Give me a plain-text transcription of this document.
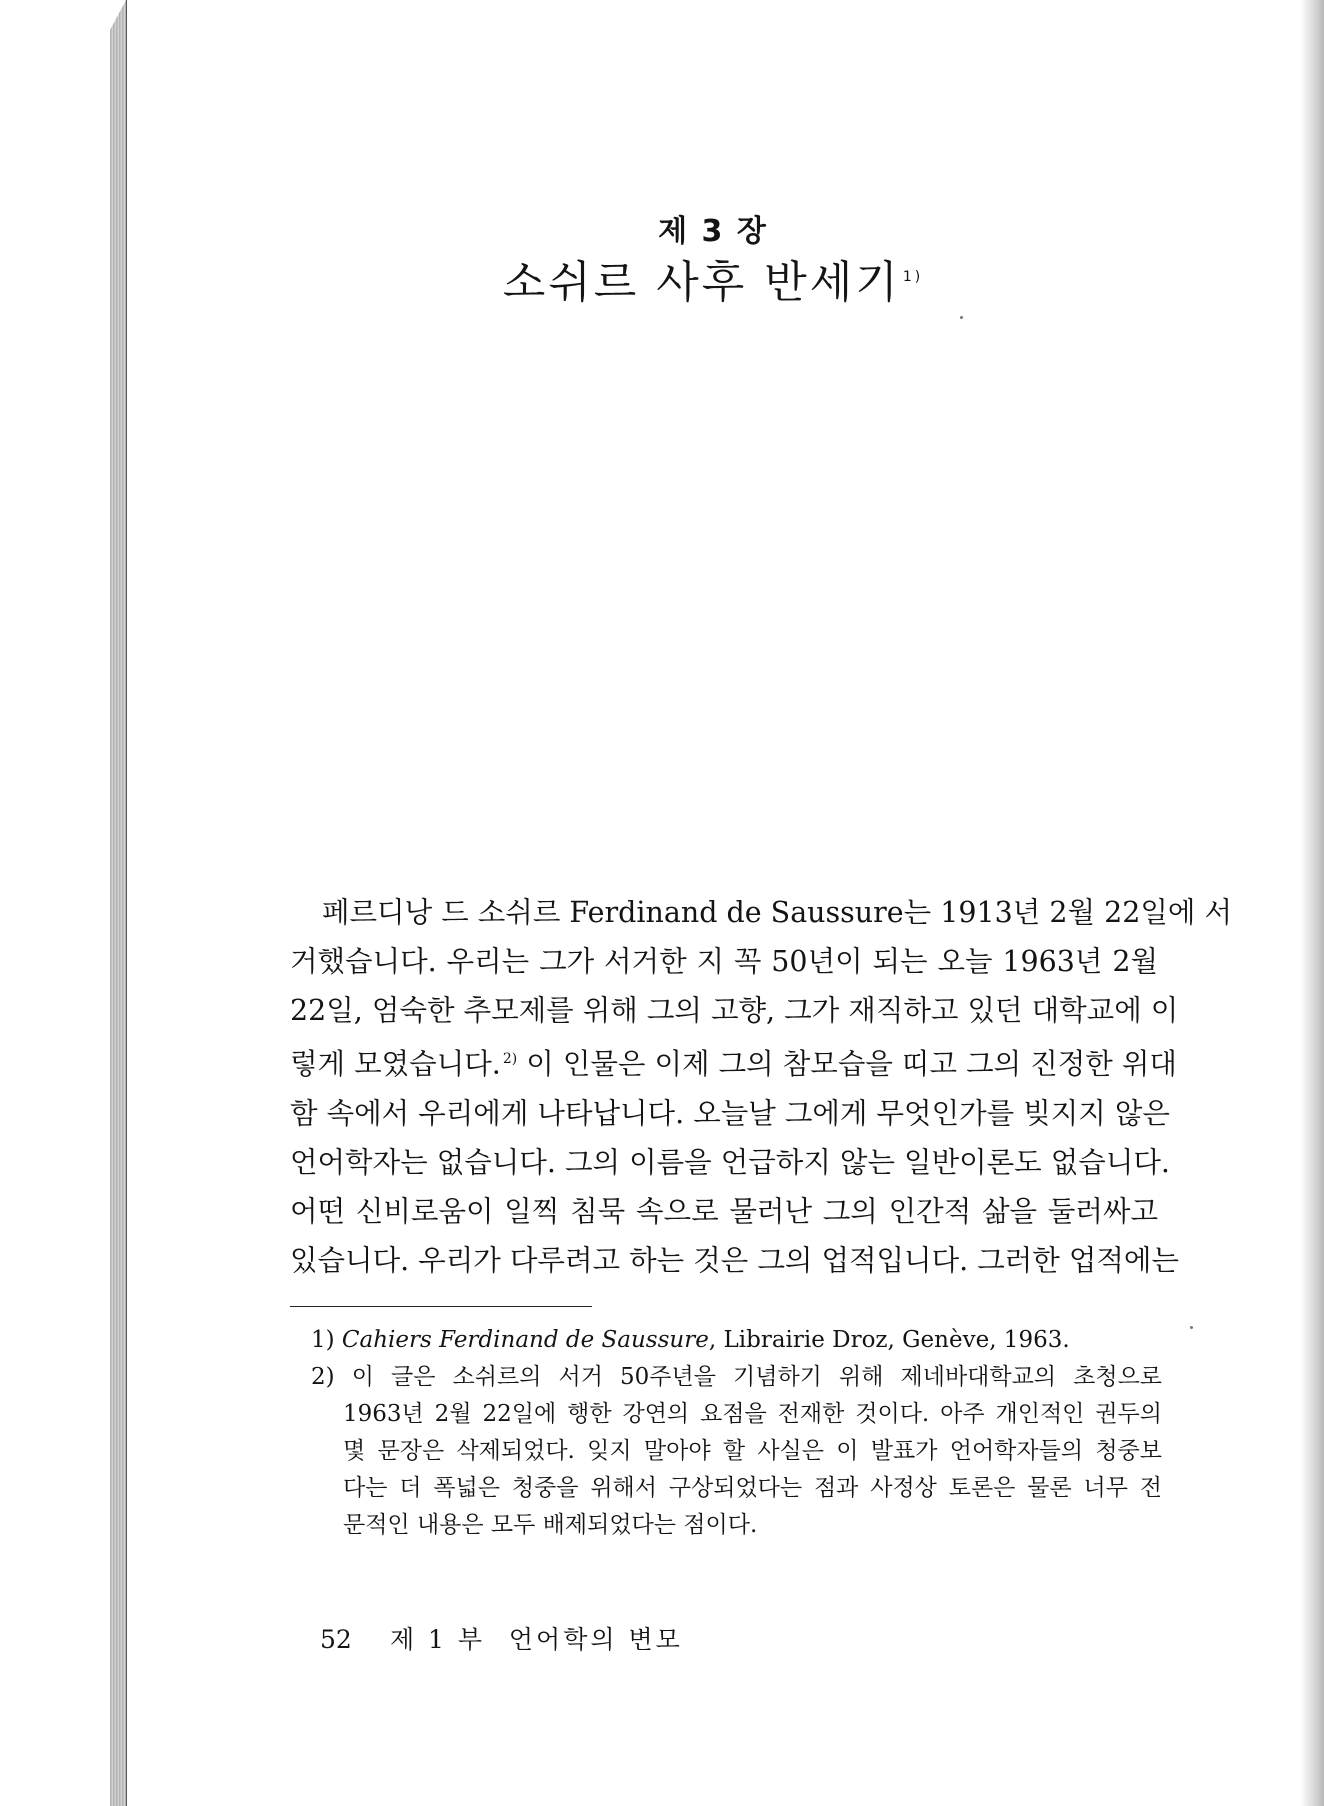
제 3 장
소쉬르 사후 반세기 $^{1)}$
페르디낭 드 소쉬르 Ferdinand de Saussure는 1913년 2월 22일에 서
거했습니다. 우리는 그가 서거한 지 꼭 50년이 되는 오늘 1963년 2월
22일, 엄숙한 추모제를 위해 그의 고향, 그가 재직하고 있던 대학교에 이
렇게 모였습니다. $^{2)}$ 이 인물은 이제 그의 참모습을 띠고 그의 진정한 위대
함 속에서 우리에게 나타납니다. 오늘날 그에게 무엇인가를 빚지지 않은
언어학자는 없습니다. 그의 이름을 언급하지 않는 일반이론도 없습니다.
어떤 신비로움이 일찍 침묵 속으로 물러난 그의 인간적 삶을 둘러싸고
있습니다. 우리가 다루려고 하는 것은 그의 업적입니다. 그러한 업적에는
1) Cahiers Ferdinand de Saussure, Librairie Droz, Genève, 1963.
2) 이 글은 소쉬르의 서거 50주년을 기념하기 위해 제네바대학교의 초청으로
1963년 2월 22일에 행한 강연의 요점을 전재한 것이다. 아주 개인적인 권두의
몇 문장은 삭제되었다. 잊지 말아야 할 사실은 이 발표가 언어학자들의 청중보
다는 더 폭넓은 청중을 위해서 구상되었다는 점과 사정상 토론은 물론 너무 전
문적인 내용은 모두 배제되었다는 점이다.
52 제 1 부 언어학의 변모
